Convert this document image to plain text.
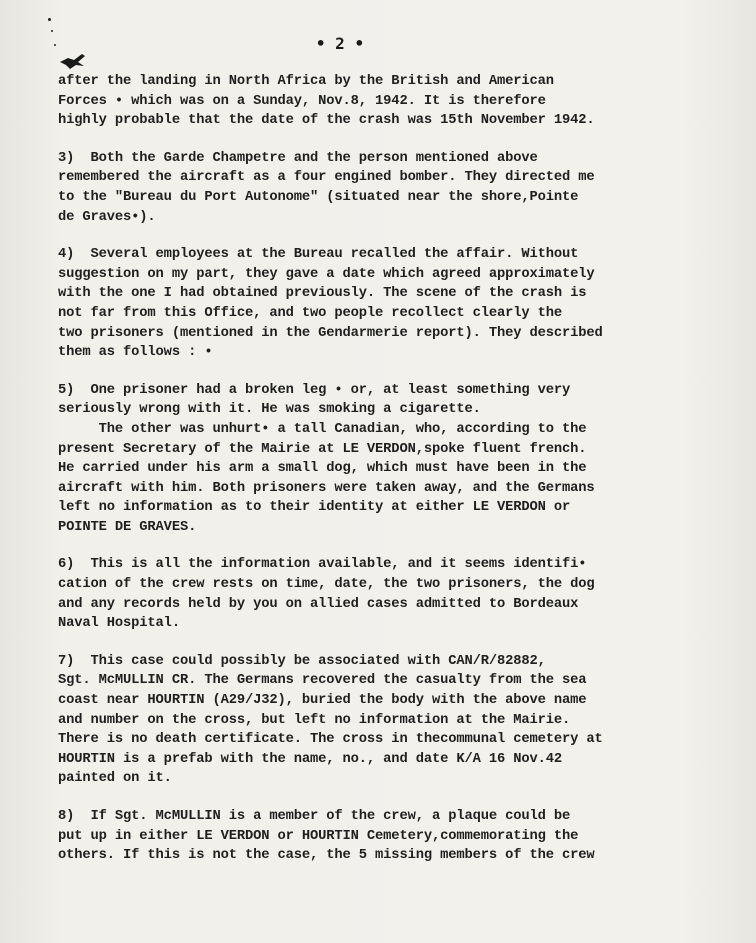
• 2 •
after the landing in North Africa by the British and American
Forces • which was on a Sunday, Nov.8, 1942. It is therefore
highly probable that the date of the crash was 15th November 1942.
3)  Both the Garde Champetre and the person mentioned above
remembered the aircraft as a four engined bomber. They directed me
to the "Bureau du Port Autonome" (situated near the shore,Pointe
de Graves•).
4)  Several employees at the Bureau recalled the affair. Without
suggestion on my part, they gave a date which agreed approximately
with the one I had obtained previously. The scene of the crash is
not far from this Office, and two people recollect clearly the
two prisoners (mentioned in the Gendarmerie report). They described
them as follows : •
5)  One prisoner had a broken leg • or, at least something very
seriously wrong with it. He was smoking a cigarette.
The other was unhurt• a tall Canadian, who, according to the
present Secretary of the Mairie at LE VERDON,spoke fluent french.
He carried under his arm a small dog, which must have been in the
aircraft with him. Both prisoners were taken away, and the Germans
left no information as to their identity at either LE VERDON or
POINTE DE GRAVES.
6)  This is all the information available, and it seems identifi•
cation of the crew rests on time, date, the two prisoners, the dog
and any records held by you on allied cases admitted to Bordeaux
Naval Hospital.
7)  This case could possibly be associated with CAN/R/82882,
Sgt. McMULLIN CR. The Germans recovered the casualty from the sea
coast near HOURTIN (A29/J32), buried the body with the above name
and number on the cross, but left no information at the Mairie.
There is no death certificate. The cross in thecommunal cemetery at
HOURTIN is a prefab with the name, no., and date K/A 16 Nov.42
painted on it.
8)  If Sgt. McMULLIN is a member of the crew, a plaque could be
put up in either LE VERDON or HOURTIN Cemetery,commemorating the
others. If this is not the case, the 5 missing members of the crew
